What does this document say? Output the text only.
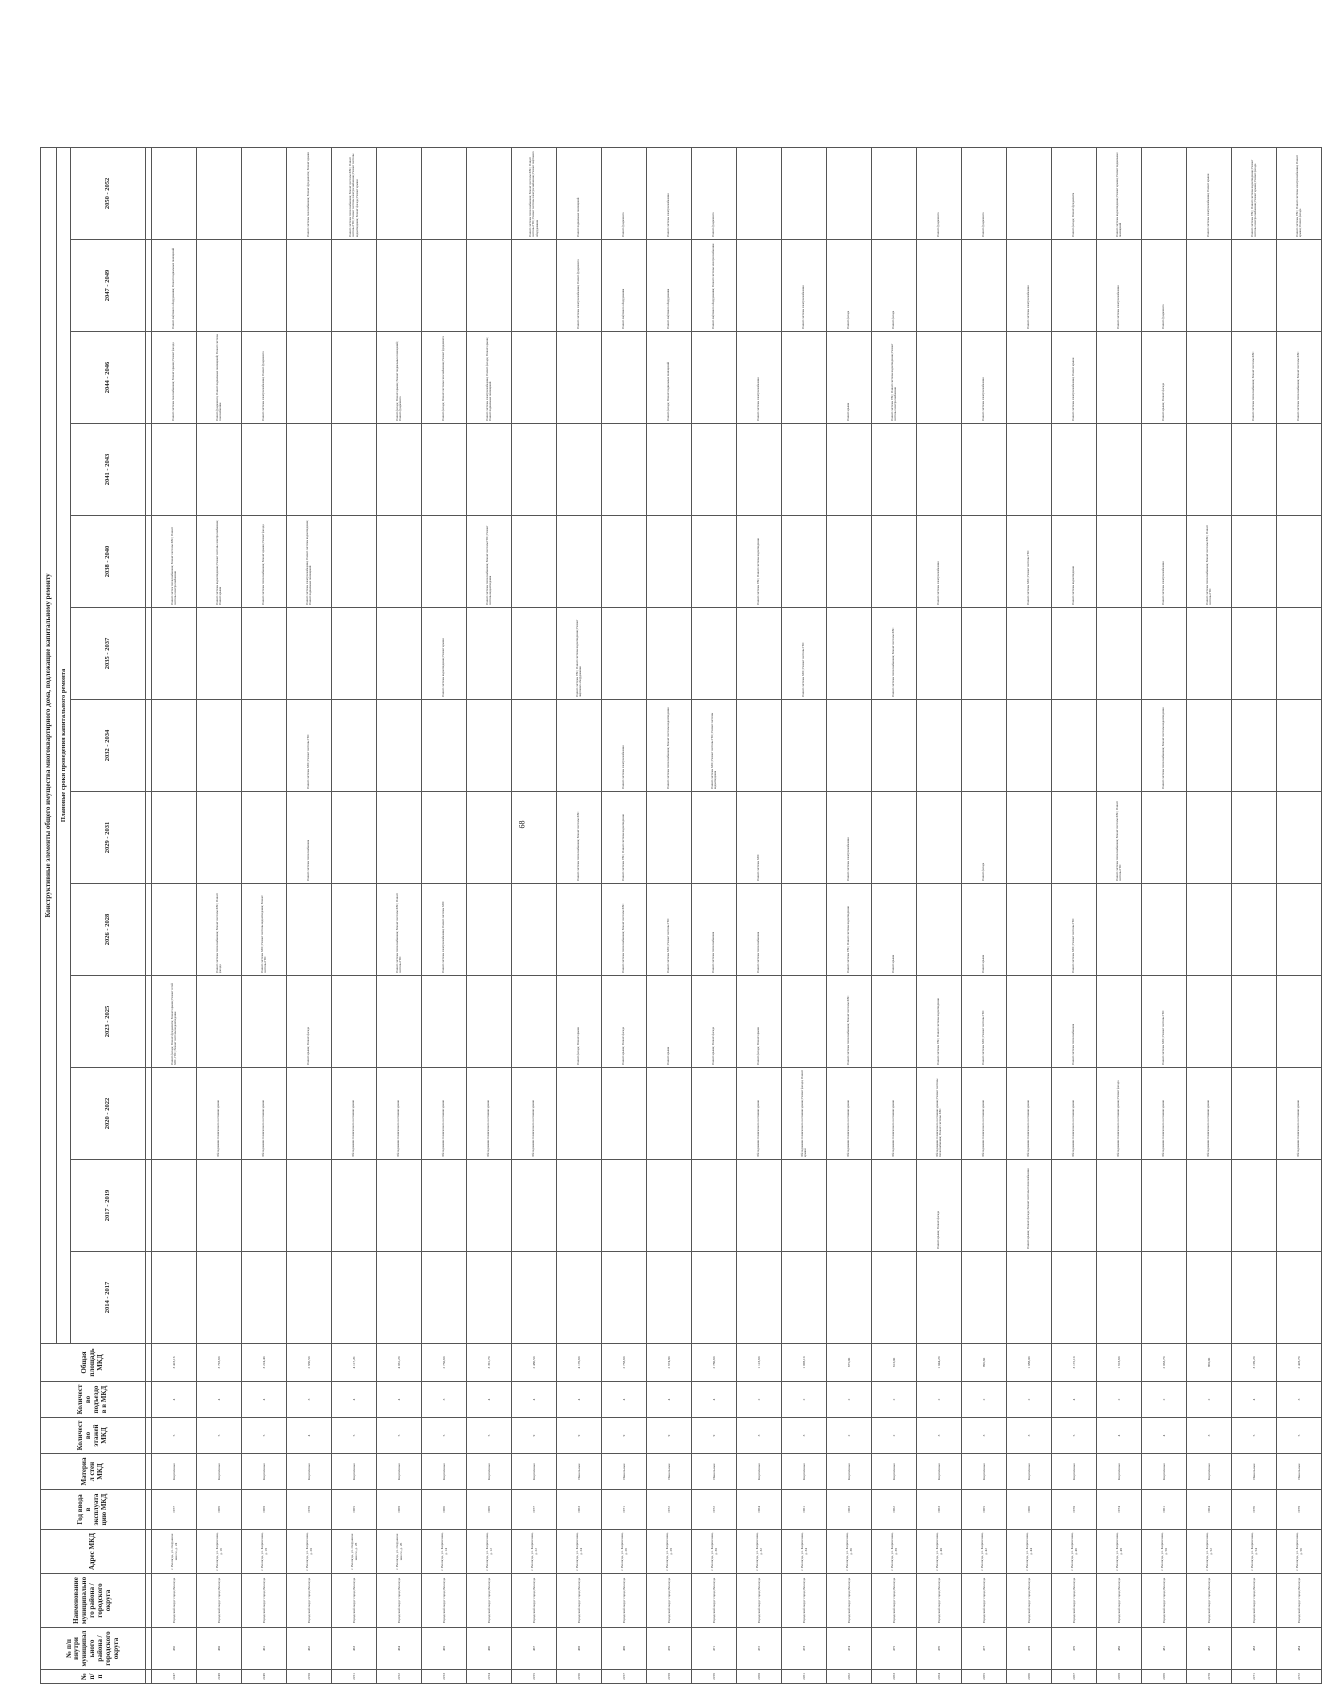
68
№ п/п	№ п/п внутри муниципального района / городского округа	Наименование муниципального района / городского округа	Адрес МКД	Год ввода в эксплуатацию МКД	Материал стен МКД	Количество этажей МКД	Количество подъездов в МКД	Общая площадь МКД	Конструктивные элементы общего имущества многоквартирного дома, подлежащие капитальному ремонту												
									Плановые сроки проведения капитального ремонта												
									2014 - 2017	2017 - 2019	2020 - 2022	2023 - 2025	2026 - 2028	2029 - 2031	2032 - 2034	2035 - 2037	2038 - 2040	2041 - 2043	2044 - 2046	2047 - 2049	2050 - 2052

2247	456	Городской округ город Вологда	г. Вологда, ул. Окружное шоссе, д. 24	1977	Кирпичные	5	4	3 423,16				Ремонт фасада; Ремонт фундамента; Ремонт крыши; Ремонт сетей ХВС, ГВС; Ремонт системы водоотведения					Ремонт систем теплоснабжения; Ремонт системы ХВС; Ремонт системы электроснабжения		Ремонт системы газоснабжения; Ремонт крыши; Ремонт фасада	Ремонт лифтового оборудования; Ремонт подвальных помещений	
2248	460	Городской округ город Вологда	г. Вологда, ул. Кирпичная, д. 16	1969	Кирпичные	5	4	3 793,60			Обследование технического состояния здания		Ремонт системы теплоснабжения; Ремонт системы ХВС; Ремонт фасада				Ремонт системы водоотведения; Ремонт системы электроснабжения; Ремонт крыши		Ремонт фундамента; Ремонт подвальных помещений; Ремонт системы газоснабжения		
2249	461	Городской округ город Вологда	г. Вологда, ул. Кирпичная, д. 18	1968	Кирпичные	5	4	3 224,40			Обследование технического состояния здания		Ремонт системы ХВС; Ремонт системы водоотведения; Ремонт системы ГВС				Ремонт системы теплоснабжения; Ремонт крыши; Ремонт фасада		Ремонт системы электроснабжения; Ремонт фундамента		
2250	462	Городской округ город Вологда	г. Вологда, ул. Кирпичная, д. 20	1970	Кирпичные	4	3	2 836,50				Ремонт крыши; Ремонт фасада		Ремонт системы теплоснабжения	Ремонт системы ХВС; Ремонт системы ГВС		Ремонт системы электроснабжения; Ремонт системы водоотведения; Ремонт подвальных помещений				Ремонт системы газоснабжения; Ремонт фундамента; Ремонт крыши
2251	463	Городской округ город Вологда	г. Вологда, ул. Окружное шоссе, д. 28	1965	Кирпичные	5	4	4 117,20			Обследование технического состояния здания										Ремонт системы теплоснабжения; Ремонт системы ХВС; Ремонт системы ГВС; Ремонт системы электроснабжения; Ремонт системы водоотведения; Ремонт фасада; Ремонт крыши
2252	464	Городской округ город Вологда	г. Вологда, ул. Окружное шоссе, д. 26	1968	Кирпичные	5	4	4 061,20			Обследование технического состояния здания		Ремонт системы теплоснабжения; Ремонт системы ХВС; Ремонт системы ГВС						Ремонт фасада; Ремонт крыши; Ремонт подвальных помещений; Ремонт фундамента		
2253	465	Городской округ город Вологда	г. Вологда, ул. Кирпичная, д. 14	1966	Кирпичные	5	3	2 750,60			Обследование технического состояния здания		Ремонт системы электроснабжения; Ремонт системы ХВС			Ремонт системы водоотведения; Ремонт крыши			Ремонт фасада; Ремонт системы газоснабжения; Ремонт фундамента		
2254	466	Городской округ город Вологда	г. Вологда, ул. Кирпичная, д. 12	1969	Кирпичные	5	4	3 391,70			Обследование технического состояния здания						Ремонт системы теплоснабжения; Ремонт системы ГВС; Ремонт системы водоотведения		Ремонт системы электроснабжения; Ремонт фасада; Ремонт крыши; Ремонт подвальных помещений		
2255	467	Городской округ город Вологда	г. Вологда, ул. Кирпичная, д. 22	1977	Кирпичные	9	4	2 486,50			Обследование технического состояния здания										Ремонт системы теплоснабжения; Ремонт системы ХВС; Ремонт системы ГВС; Ремонт системы электроснабжения; Ремонт лифтового оборудования
2256	468	Городской округ город Вологда	г. Вологда, ул. Кирпичная, д. 24	1963	Панельные	9	4	4 170,60				Ремонт фасада; Ремонт крыши		Ремонт системы теплоснабжения; Ремонт системы ХВС		Ремонт системы ГВС; Ремонт системы водоотведения; Ремонт лифтового оборудования				Ремонт системы электроснабжения; Ремонт фундамента	Ремонт подвальных помещений
2257	469	Городской округ город Вологда	г. Вологда, ул. Кирпичная, д. 26	1971	Панельные	9	4	2 758,60				Ремонт крыши; Ремонт фасада	Ремонт системы теплоснабжения; Ремонт системы ХВС	Ремонт системы ГВС; Ремонт системы водоотведения	Ремонт системы электроснабжения					Ремонт лифтового оборудования	Ремонт фундамента
2258	470	Городской округ город Вологда	г. Вологда, ул. Кирпичная, д. 28	1972	Панельные	9	4	2 974,80				Ремонт крыши	Ремонт системы ХВС; Ремонт системы ГВС		Ремонт системы теплоснабжения; Ремонт системы водоотведения				Ремонт фасада; Ремонт подвальных помещений	Ремонт лифтового оборудования	Ремонт системы электроснабжения
2259	471	Городской округ город Вологда	г. Вологда, ул. Кирпичная, д. 30	1972	Панельные	9	4	2 780,60				Ремонт крыши; Ремонт фасада	Ремонт системы теплоснабжения		Ремонт системы ХВС; Ремонт системы ГВС; Ремонт системы водоотведения					Ремонт лифтового оборудования; Ремонт системы электроснабжения	Ремонт фундамента
2260	472	Городской округ город Вологда	г. Вологда, ул. Кирпичная, д. 32	1964	Кирпичные	3	2	1 123,60			Обследование технического состояния здания	Ремонт фасада; Ремонт крыши	Ремонт системы теплоснабжения	Ремонт системы ХВС			Ремонт системы ГВС; Ремонт системы водоотведения		Ремонт системы электроснабжения		
2261	473	Городской округ город Вологда	г. Вологда, ул. Кирпичная, д. 34	1961	Кирпичные	3	2	1 098,10			Обследование технического состояния здания; Ремонт фасада; Ремонт крыши					Ремонт системы ХВС; Ремонт системы ГВС				Ремонт системы электроснабжения	
2262	474	Городской округ город Вологда	г. Вологда, ул. Кирпичная, д. 36	1963	Кирпичные	2	2	675,00			Обследование технического состояния здания	Ремонт системы теплоснабжения; Ремонт системы ХВС	Ремонт системы ГВС; Ремонт системы водоотведения	Ремонт системы электроснабжения					Ремонт крыши	Ремонт фасада	
2263	475	Городской округ город Вологда	г. Вологда, ул. Кирпичная, д. 38	1962	Кирпичные	2	2	613,00			Обследование технического состояния здания		Ремонт крыши			Ремонт системы теплоснабжения; Ремонт системы ХВС			Ремонт системы ГВС; Ремонт системы водоотведения; Ремонт системы электроснабжения	Ремонт фасада	
2264	476	Городской округ город Вологда	г. Вологда, ул. Кирпичная, д. 40	1963	Кирпичные	3	2	1 044,20		Ремонт крыши; Ремонт фасада	Обследование технического состояния здания; Ремонт системы теплоснабжения; Ремонт системы ХВС	Ремонт системы ГВС; Ремонт системы водоотведения					Ремонт системы электроснабжения				Ремонт фундамента
2265	477	Городской округ город Вологда	г. Вологда, ул. Кирпичная, д. 42	1965	Кирпичные	3	2	996,60			Обследование технического состояния здания	Ремонт системы ХВС; Ремонт системы ГВС	Ремонт крыши	Ремонт фасада					Ремонт системы электроснабжения		Ремонт фундамента
2266	478	Городской округ город Вологда	г. Вологда, ул. Кирпичная, д. 44	1966	Кирпичные	3	2	1 088,00		Ремонт крыши; Ремонт фасада; Ремонт системы теплоснабжения	Обследование технического состояния здания						Ремонт системы ХВС; Ремонт системы ГВС			Ремонт системы электроснабжения	
2267	479	Городской округ город Вологда	г. Вологда, ул. Кирпичная, д. 46	1970	Кирпичные	5	4	3 172,10			Обследование технического состояния здания	Ремонт системы теплоснабжения	Ремонт системы ХВС; Ремонт системы ГВС				Ремонт системы водоотведения		Ремонт системы электроснабжения; Ремонт крыши		Ремонт фасада; Ремонт фундамента
2268	480	Городской округ город Вологда	г. Вологда, ул. Кирпичная, д. 48	1974	Кирпичные	4	2	1 918,60			Обследование технического состояния здания; Ремонт фасада			Ремонт системы теплоснабжения; Ремонт системы ХВС; Ремонт системы ГВС						Ремонт системы электроснабжения	Ремонт системы водоотведения; Ремонт крыши; Ремонт подвальных помещений
2269	481	Городской округ город Вологда	г. Вологда, ул. Кирпичная, д. 50	1961	Кирпичные	4	2	2 063,70			Обследование технического состояния здания	Ремонт системы ХВС; Ремонт системы ГВС			Ремонт системы теплоснабжения; Ремонт системы водоотведения		Ремонт системы электроснабжения		Ремонт крыши; Ремонт фасада	Ремонт фундамента	
2270	482	Городской округ город Вологда	г. Вологда, ул. Кирпичная, д. 52	1964	Кирпичные	3	2	960,00			Обследование технического состояния здания						Ремонт системы теплоснабжения; Ремонт системы ХВС; Ремонт системы ГВС				Ремонт системы электроснабжения; Ремонт крыши
2271	483	Городской округ город Вологда	г. Вологда, ул. Кирпичная, д. 54	1976	Панельные	5	4	3 199,20											Ремонт системы теплоснабжения; Ремонт системы ХВС		Ремонт системы ГВС; Ремонт системы водоотведения; Ремонт системы электроснабжения; Ремонт крыши; Ремонт фасада
2272	484	Городской округ город Вологда	г. Вологда, ул. Кирпичная, д. 56	1978	Панельные	5	3	2 428,70			Обследование технического состояния здания								Ремонт системы теплоснабжения; Ремонт системы ХВС		Ремонт системы ГВС; Ремонт системы электроснабжения; Ремонт крыши; Ремонт фасада
